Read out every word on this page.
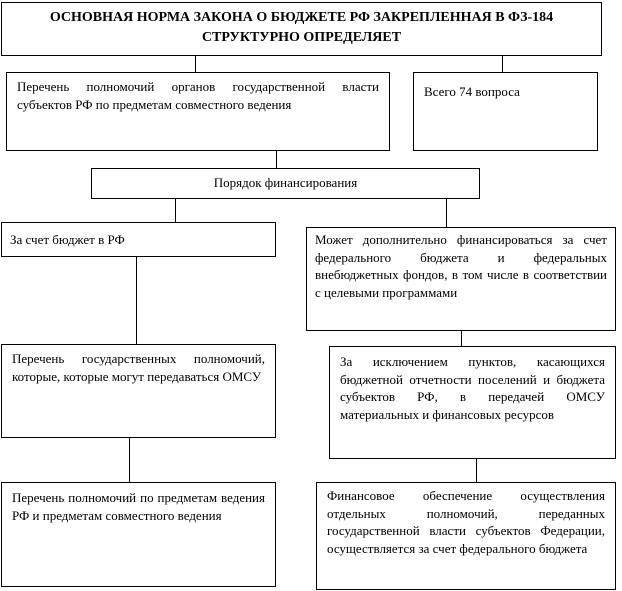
ОСНОВНАЯ НОРМА ЗАКОНА О БЮДЖЕТЕ РФ ЗАКРЕПЛЕННАЯ В ФЗ-184 СТРУКТУРНО ОПРЕДЕЛЯЕТ
Перечень полномочий органов государственной власти субъектов РФ по предметам совместного ведения
Всего 74 вопроса
Порядок финансирования
За счет бюджет в РФ	Может дополнительно финансироваться за счет федерального бюджета и федеральных внебюджетных фондов, в том числе в соответствии с целевыми программами
Перечень государственных полномочий, которые, которые могут передаваться ОМСУ
За исключением пунктов, касающихся бюджетной отчетности поселений и бюджета субъектов РФ, в передачей ОМСУ материальных и финансовых ресурсов
Перечень полномочий по предметам ведения РФ и предметам совместного ведения
Финансовое обеспечение осуществления отдельных полномочий, переданных государственной власти субъектов Федерации, осуществляется за счет федерального бюджета
